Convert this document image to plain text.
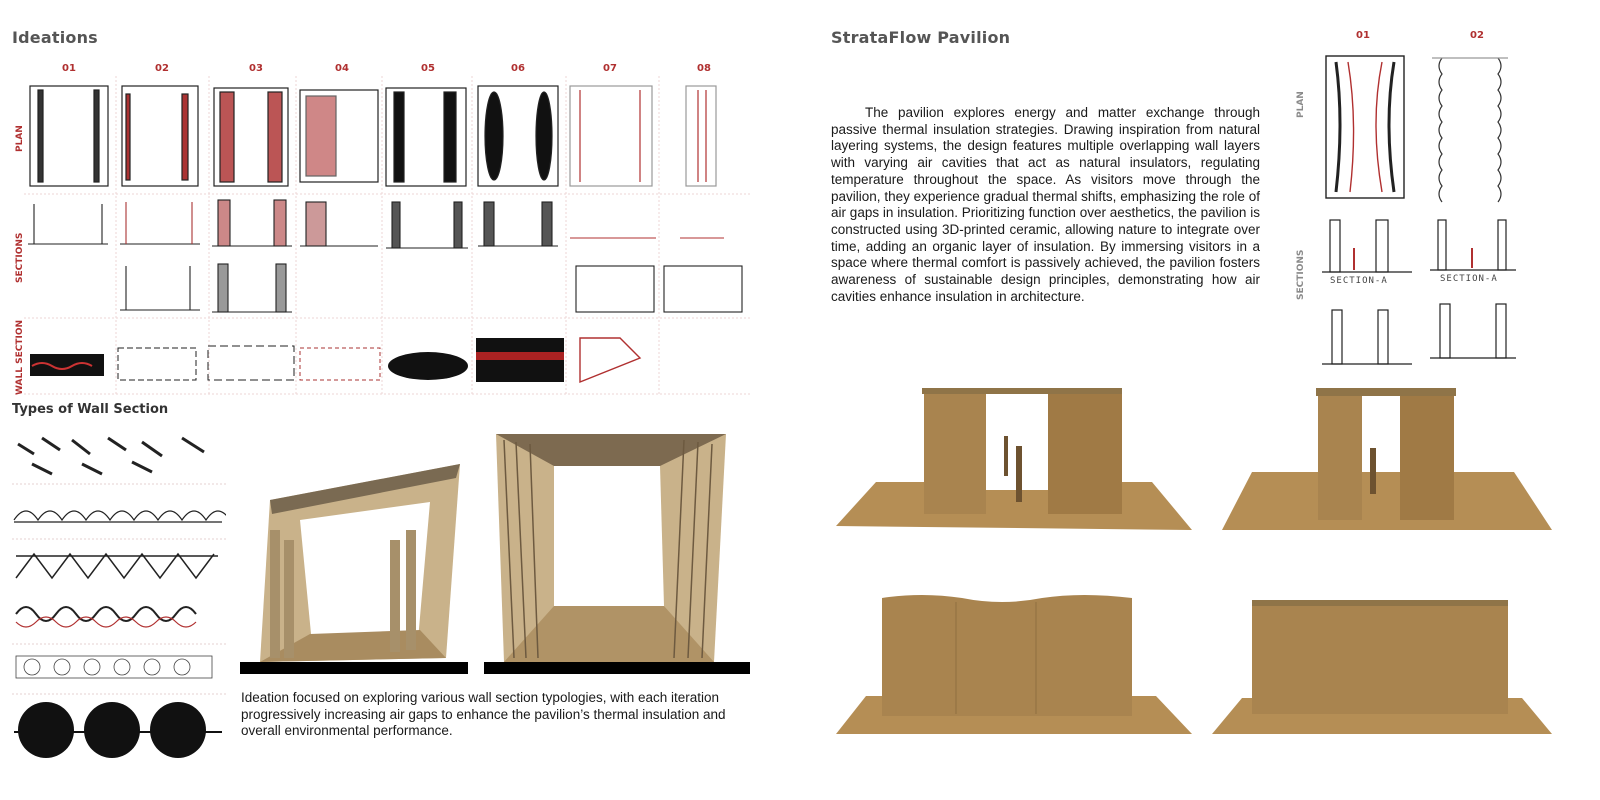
Ideations
01	02	03	04	05	06	07	08
PLAN
SECTIONS
WALL SECTION
Types of Wall Section
Ideation focused on exploring various wall section typologies, with each iteration progressively increasing air gaps to enhance the pavilion’s thermal insulation and overall environmental performance.
StrataFlow Pavilion
The pavilion explores energy and matter exchange through passive thermal insulation strategies. Drawing inspiration from natural layering systems, the design features multiple overlapping wall layers with varying air cavities that act as natural insulators, regulating temperature throughout the space. As visitors move through the pavilion, they experience gradual thermal shifts, emphasizing the role of air gaps in insulation. Prioritizing function over aesthetics, the pavilion is constructed using 3D-printed ceramic, allowing nature to integrate over time, adding an organic layer of insulation. By immersing visitors in a space where thermal comfort is passively achieved, the pavilion fosters awareness of sustainable design principles, demonstrating how air cavities enhance insulation in architecture.
01	02
PLAN
SECTIONS	SECTION-A	SECTION-A
